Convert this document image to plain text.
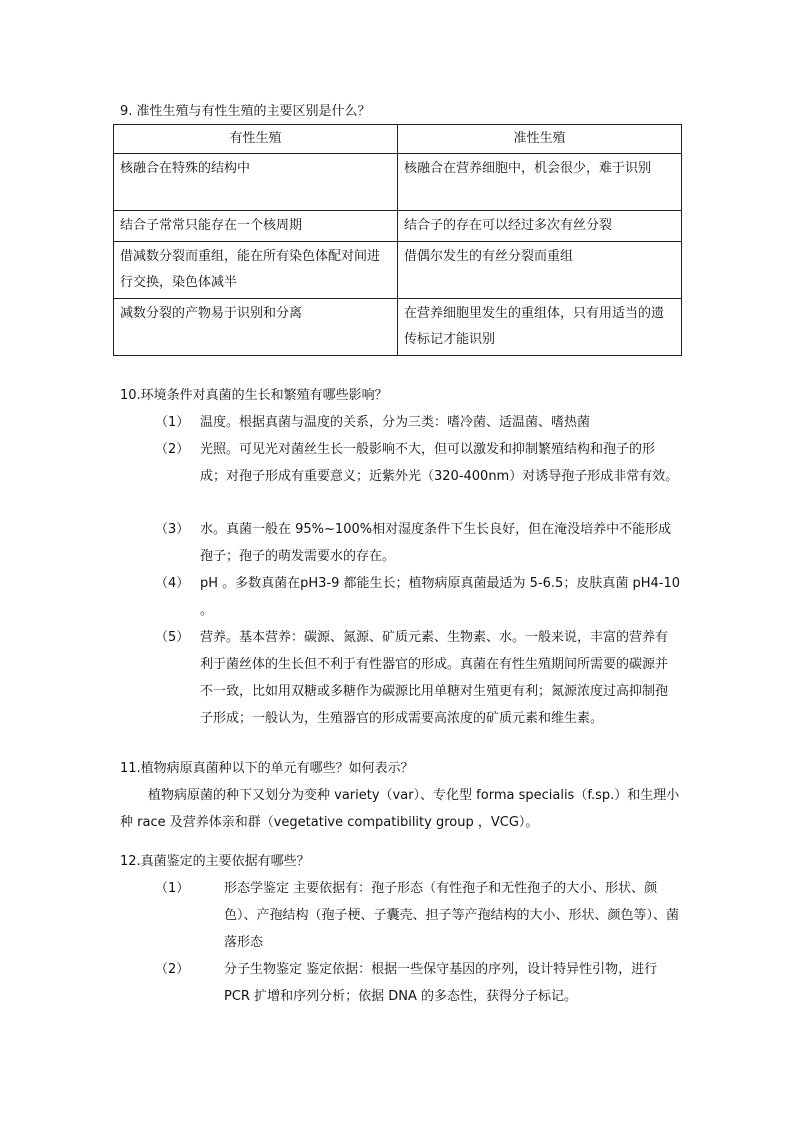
9. 准性生殖与有性生殖的主要区别是什么？
有性生殖	准性生殖
核融合在特殊的结构中	核融合在营养细胞中，机会很少，难于识别
结合子常常只能存在一个核周期	结合子的存在可以经过多次有丝分裂
借减数分裂而重组，能在所有染色体配对间进行交换，染色体减半	借偶尔发生的有丝分裂而重组
减数分裂的产物易于识别和分离	在营养细胞里发生的重组体，只有用适当的遗传标记才能识别
10.环境条件对真菌的生长和繁殖有哪些影响？
（1） 温度。根据真菌与温度的关系，分为三类：嗜冷菌、适温菌、嗜热菌
（2） 光照。可见光对菌丝生长一般影响不大，但可以激发和抑制繁殖结构和孢子的形成；对孢子形成有重要意义；近紫外光（320-400nm）对诱导孢子形成非常有效。
（3） 水。真菌一般在 95%~100%相对湿度条件下生长良好，但在淹没培养中不能形成孢子；孢子的萌发需要水的存在。
（4） pH 。多数真菌在pH3-9 都能生长；植物病原真菌最适为 5-6.5；皮肤真菌 pH4-10 。
（5） 营养。基本营养：碳源、氮源、矿质元素、生物素、水。一般来说，丰富的营养有利于菌丝体的生长但不利于有性器官的形成。真菌在有性生殖期间所需要的碳源并不一致，比如用双糖或多糖作为碳源比用单糖对生殖更有利；氮源浓度过高抑制孢子形成；一般认为，生殖器官的形成需要高浓度的矿质元素和维生素。
11.植物病原真菌种以下的单元有哪些？如何表示？
植物病原菌的种下又划分为变种 variety（var）、专化型 forma specialis（f.sp.）和生理小种 race 及营养体亲和群（vegetative compatibility group ，VCG）。
12.真菌鉴定的主要依据有哪些？
（1）	形态学鉴定 主要依据有：孢子形态（有性孢子和无性孢子的大小、形状、颜色）、产孢结构（孢子梗、子囊壳、担子等产孢结构的大小、形状、颜色等）、菌落形态
（2）	分子生物鉴定 鉴定依据：根据一些保守基因的序列，设计特异性引物，进行 PCR 扩增和序列分析；依据 DNA 的多态性，获得分子标记。
